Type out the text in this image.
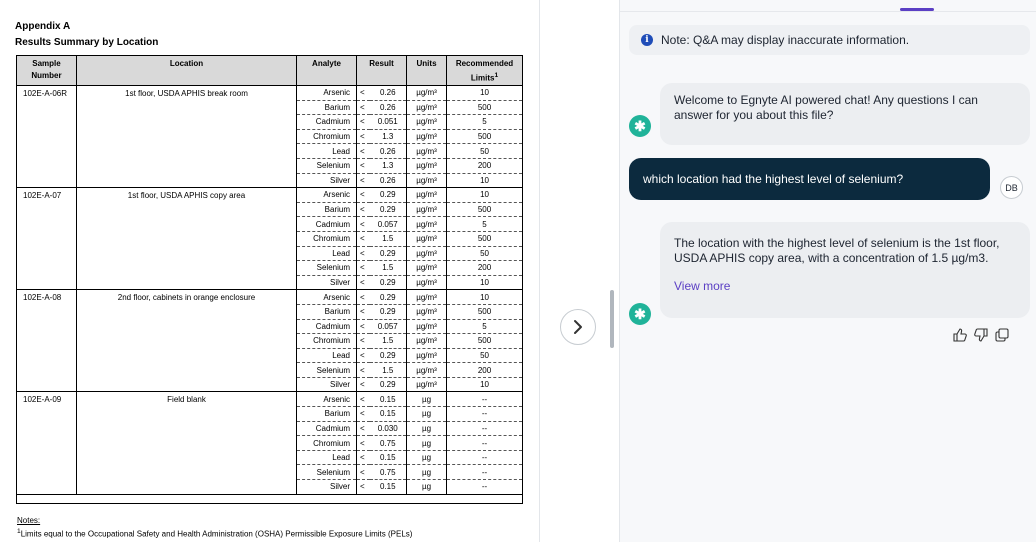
Appendix A
Results Summary by Location
Sample Number	Location	Analyte	Result		Units	Recommended Limits$^1$
102E-A-06R	1st floor, USDA APHIS break room	Arsenic	<	0.26	µg/m³	10
		Barium	<	0.26	µg/m³	500
		Cadmium	<	0.051	µg/m³	5
		Chromium	<	1.3	µg/m³	500
		Lead	<	0.26	µg/m³	50
		Selenium	<	1.3	µg/m³	200
		Silver	<	0.26	µg/m³	10
102E-A-07	1st floor, USDA APHIS copy area	Arsenic	<	0.29	µg/m³	10
		Barium	<	0.29	µg/m³	500
		Cadmium	<	0.057	µg/m³	5
		Chromium	<	1.5	µg/m³	500
		Lead	<	0.29	µg/m³	50
		Selenium	<	1.5	µg/m³	200
		Silver	<	0.29	µg/m³	10
102E-A-08	2nd floor, cabinets in orange enclosure	Arsenic	<	0.29	µg/m³	10
		Barium	<	0.29	µg/m³	500
		Cadmium	<	0.057	µg/m³	5
		Chromium	<	1.5	µg/m³	500
		Lead	<	0.29	µg/m³	50
		Selenium	<	1.5	µg/m³	200
		Silver	<	0.29	µg/m³	10
102E-A-09	Field blank	Arsenic	<	0.15	µg	--
		Barium	<	0.15	µg	--
		Cadmium	<	0.030	µg	--
		Chromium	<	0.75	µg	--
		Lead	<	0.15	µg	--
		Selenium	<	0.75	µg	--
		Silver	<	0.15	µg	--

Notes:
$^1$Limits equal to the Occupational Safety and Health Administration (OSHA) Permissible Exposure Limits (PELs)
i	Note: Q&A may display inaccurate information.
✱
Welcome to Egnyte AI powered chat! Any questions I can answer for you about this file?
which location had the highest level of selenium?
DB
✱
The location with the highest level of selenium is the 1st floor, USDA APHIS copy area, with a concentration of 1.5 µg/m3.
View more
